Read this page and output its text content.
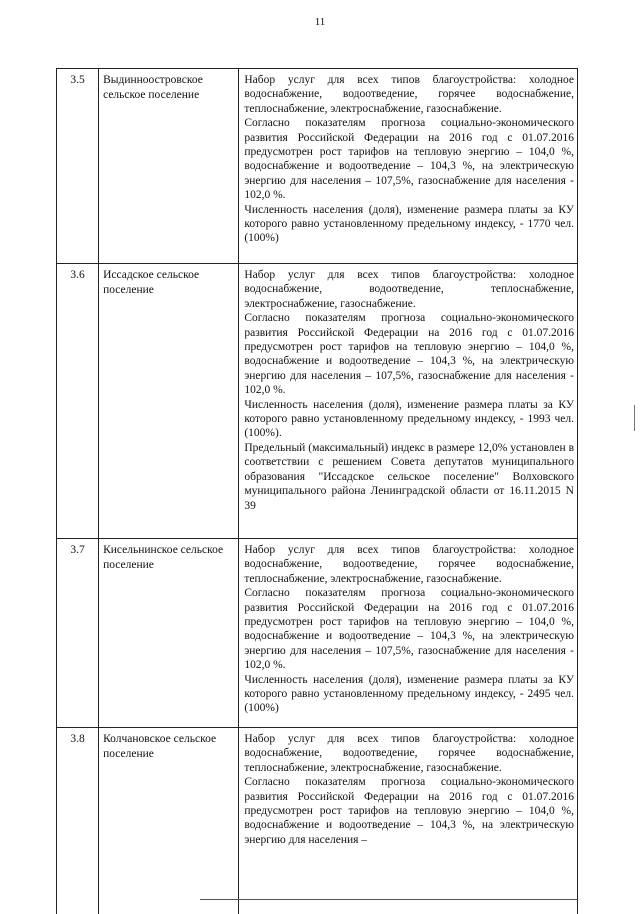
11
3.5	Выдинноостровское сельское поселение	Набор услуг для всех типов благоустройства: холодное водоснабжение, водоотведение, горячее водоснабжение, теплоснабжение, электроснабжение, газоснабжение.

Согласно показателям прогноза социально-экономического развития Российской Федерации на 2016 год с 01.07.2016 предусмотрен рост тарифов на тепловую энергию – 104,0 %, водоснабжение и водоотведение – 104,3 %, на электрическую энергию для населения – 107,5%, газоснабжение для населения - 102,0 %.

Численность населения (доля), изменение размера платы за КУ которого равно установленному предельному индексу, - 1770 чел. (100%)

3.6	Иссадское сельское поселение	Набор услуг для всех типов благоустройства: холодное водоснабжение, водоотведение, теплоснабжение, электроснабжение, газоснабжение.

Согласно показателям прогноза социально-экономического развития Российской Федерации на 2016 год с 01.07.2016 предусмотрен рост тарифов на тепловую энергию – 104,0 %, водоснабжение и водоотведение – 104,3 %, на электрическую энергию для населения – 107,5%, газоснабжение для населения - 102,0 %.

Численность населения (доля), изменение размера платы за КУ которого равно установленному предельному индексу, - 1993 чел. (100%).

Предельный (максимальный) индекс в размере 12,0% установлен в соответствии с решением Совета депутатов муниципального образования "Иссадское сельское поселение" Волховского муниципального района Ленинградской области от 16.11.2015 N 39

3.7	Кисельнинское сельское поселение	Набор услуг для всех типов благоустройства: холодное водоснабжение, водоотведение, горячее водоснабжение, теплоснабжение, электроснабжение, газоснабжение.

Согласно показателям прогноза социально-экономического развития Российской Федерации на 2016 год с 01.07.2016 предусмотрен рост тарифов на тепловую энергию – 104,0 %, водоснабжение и водоотведение – 104,3 %, на электрическую энергию для населения – 107,5%, газоснабжение для населения - 102,0 %.

Численность населения (доля), изменение размера платы за КУ которого равно установленному предельному индексу, - 2495 чел. (100%)

3.8	Колчановское сельское поселение	Набор услуг для всех типов благоустройства: холодное водоснабжение, водоотведение, горячее водоснабжение, теплоснабжение, электроснабжение, газоснабжение.

Согласно показателям прогноза социально-экономического развития Российской Федерации на 2016 год с 01.07.2016 предусмотрен рост тарифов на тепловую энергию – 104,0 %, водоснабжение и водоотведение – 104,3 %, на электрическую энергию для населения –
